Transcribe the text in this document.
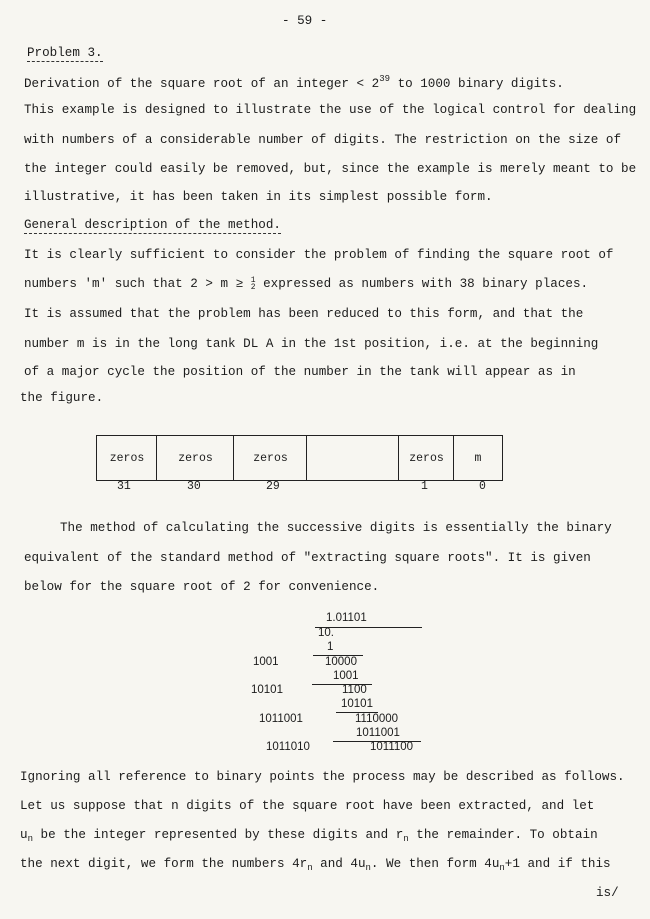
- 59 -
Problem 3.
Derivation of the square root of an integer < $2^{39}$ to 1000 binary digits.
This example is designed to illustrate the use of the logical control for dealing
with numbers of a considerable number of digits. The restriction on the size of
the integer could easily be removed, but, since the example is merely meant to be
illustrative, it has been taken in its simplest possible form.
General description of the method.
It is clearly sufficient to consider the problem of finding the square root of
numbers 'm' such that 2 > m ≥ 1
2 expressed as numbers with 38 binary places.
It is assumed that the problem has been reduced to this form, and that the
number m is in the long tank DL A in the 1st position, i.e. at the beginning
of a major cycle the position of the number in the tank will appear as in
the figure.
zeros	zeros	zeros	zeros	m
31	30	29	1	0
The method of calculating the successive digits is essentially the binary
equivalent of the standard method of "extracting square roots". It is given
below for the square root of 2 for convenience.
1.01101
10.
1
1001	10000
1001
10101	1100
10101
1011001	1110000
1011001
1011010	1011100
Ignoring all reference to binary points the process may be described as follows.
Let us suppose that n digits of the square root have been extracted, and let
$u_n$ be the integer represented by these digits and $r_n$ the remainder. To obtain
the next digit, we form the numbers $4r_n$ and $4u_n$. We then form $4u_n+1$ and if this
is/
